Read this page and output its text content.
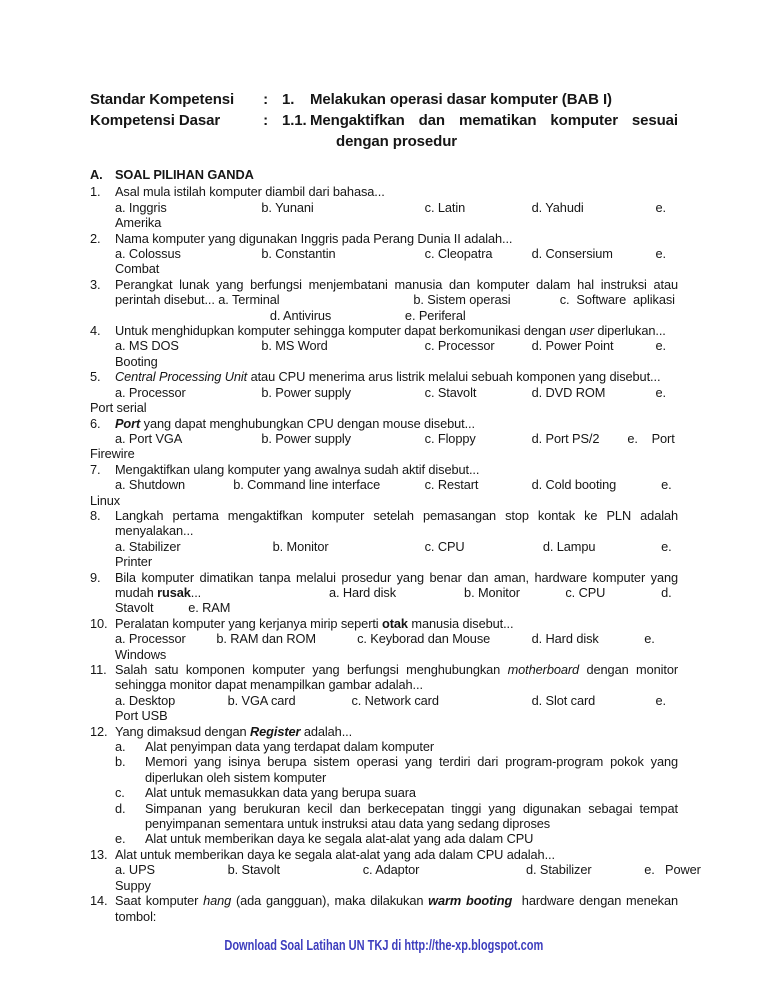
Standar Kompetensi : 1.	Melakukan operasi dasar komputer (BAB I)
Kompetensi Dasar	: 1.1. Mengaktifkan dan mematikan komputer sesuai
dengan prosedur
A. SOAL PILIHAN GANDA
1.	Asal mula istilah komputer diambil dari bahasa...
a. Inggris	b. Yunani	c. Latin	d. Yahudi	e.
Amerika
2.	Nama komputer yang digunakan Inggris pada Perang Dunia II adalah...
a. Colossus	b. Constantin	c. Cleopatra	d. Consersium	e.
Combat
3.	Perangkat lunak yang berfungsi menjembatani manusia dan komputer dalam hal instruksi atau
perintah disebut... a. Terminal	b. Sistem operasi	c.  Software  aplikasi
d. Antivirus	e. Periferal
4.	Untuk menghidupkan komputer sehingga komputer dapat berkomunikasi dengan user diperlukan...
a. MS DOS	b. MS Word	c. Processor	d. Power Point	e.
Booting
5.	Central Processing Unit atau CPU menerima arus listrik melalui sebuah komponen yang disebut...
a. Processor	b. Power supply	c. Stavolt	d. DVD ROM	e.
Port serial
6.	Port yang dapat menghubungkan CPU dengan mouse disebut...
a. Port VGA	b. Power supply	c. Floppy	d. Port PS/2	e.    Port
Firewire
7.	Mengaktifkan ulang komputer yang awalnya sudah aktif disebut...
a. Shutdown	b. Command line interface	c. Restart	d. Cold booting	e.
Linux
8.	Langkah pertama mengaktifkan komputer setelah pemasangan stop kontak ke PLN adalah
menyalakan...
a. Stabilizer	b. Monitor	c. CPU	d. Lampu	e.
Printer
9.	Bila komputer dimatikan tanpa melalui prosedur yang benar dan aman, hardware komputer yang
mudah rusak...	a. Hard disk	b. Monitor	c. CPU	d.
Stavolt	e. RAM
10. Peralatan komputer yang kerjanya mirip seperti otak manusia disebut...
a. Processor	b. RAM dan ROM	c. Keyborad dan Mouse	d. Hard disk	e.
Windows
11. Salah satu komponen komputer yang berfungsi menghubungkan motherboard dengan monitor
sehingga monitor dapat menampilkan gambar adalah...
a. Desktop	b. VGA card	c. Network card	d. Slot card	e.
Port USB
12. Yang dimaksud dengan Register adalah...
a.	Alat penyimpan data yang terdapat dalam komputer
b.	Memori yang isinya berupa sistem operasi yang terdiri dari program-program pokok yang
diperlukan oleh sistem komputer
c.	Alat untuk memasukkan data yang berupa suara
d.	Simpanan yang berukuran kecil dan berkecepatan tinggi yang digunakan sebagai tempat
penyimpanan sementara untuk instruksi atau data yang sedang diproses
e.	Alat untuk memberikan daya ke segala alat-alat yang ada dalam CPU
13. Alat untuk memberikan daya ke segala alat-alat yang ada dalam CPU adalah...
a. UPS	b. Stavolt	c. Adaptor	d. Stabilizer	e.   Power
Suppy
14. Saat komputer hang (ada gangguan), maka dilakukan warm booting  hardware dengan menekan
tombol:
Download Soal Latihan UN TKJ di http://the-xp.blogspot.com
